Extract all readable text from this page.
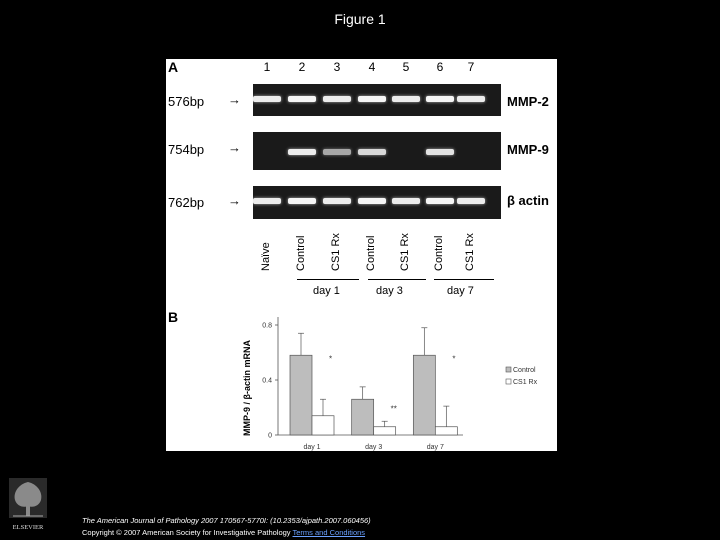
Figure 1
A	1	2	3	4	5	6	7
576bp →	MMP-2
754bp →	MMP-9
762bp →	β actin
Naïve Control CS1 Rx Control CS1 Rx Control CS1 Rx
day 1	day 3	day 7
B
MMP-9 / β-actin mRNA 0
0.4
0.8
*
day 1
**
day 3
*
day 7
Control
CS1 Rx
ELSEVIER
The American Journal of Pathology 2007 170567-5770I: (10.2353/ajpath.2007.060456)
Copyright © 2007 American Society for Investigative Pathology Terms and Conditions
